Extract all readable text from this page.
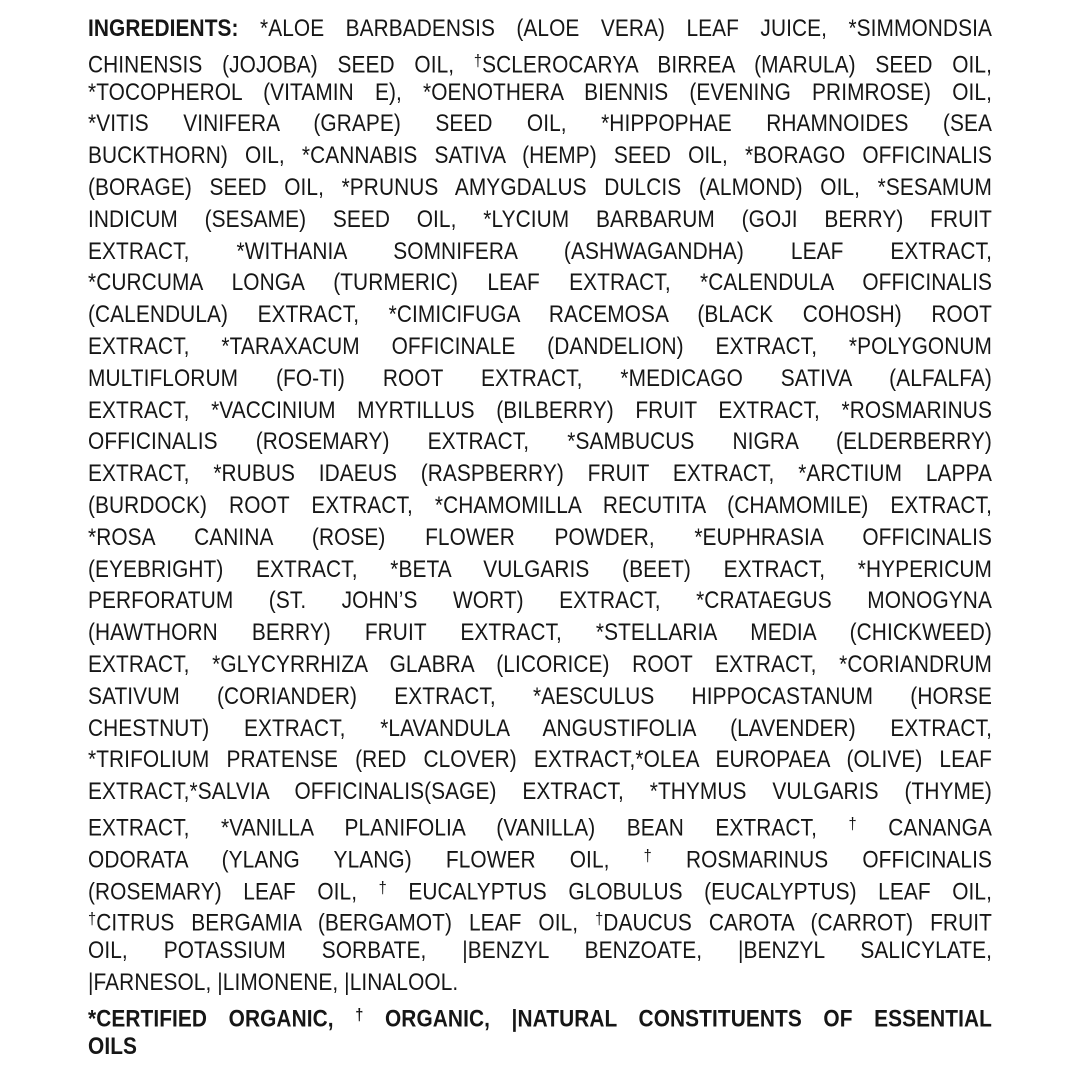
INGREDIENTS: *ALOE BARBADENSIS (ALOE VERA) LEAF JUICE, *SIMMONDSIA
CHINENSIS (JOJOBA) SEED OIL, †SCLEROCARYA BIRREA (MARULA) SEED OIL,
*TOCOPHEROL (VITAMIN E), *OENOTHERA BIENNIS (EVENING PRIMROSE) OIL,
*VITIS VINIFERA (GRAPE) SEED OIL, *HIPPOPHAE RHAMNOIDES (SEA
BUCKTHORN) OIL, *CANNABIS SATIVA (HEMP) SEED OIL, *BORAGO OFFICINALIS
(BORAGE) SEED OIL, *PRUNUS AMYGDALUS DULCIS (ALMOND) OIL, *SESAMUM
INDICUM (SESAME) SEED OIL, *LYCIUM BARBARUM (GOJI BERRY) FRUIT
EXTRACT, *WITHANIA SOMNIFERA (ASHWAGANDHA) LEAF EXTRACT,
*CURCUMA LONGA (TURMERIC) LEAF EXTRACT, *CALENDULA OFFICINALIS
(CALENDULA) EXTRACT, *CIMICIFUGA RACEMOSA (BLACK COHOSH) ROOT
EXTRACT, *TARAXACUM OFFICINALE (DANDELION) EXTRACT, *POLYGONUM
MULTIFLORUM (FO-TI) ROOT EXTRACT, *MEDICAGO SATIVA (ALFALFA)
EXTRACT, *VACCINIUM MYRTILLUS (BILBERRY) FRUIT EXTRACT, *ROSMARINUS
OFFICINALIS (ROSEMARY) EXTRACT, *SAMBUCUS NIGRA (ELDERBERRY)
EXTRACT, *RUBUS IDAEUS (RASPBERRY) FRUIT EXTRACT, *ARCTIUM LAPPA
(BURDOCK) ROOT EXTRACT, *CHAMOMILLA RECUTITA (CHAMOMILE) EXTRACT,
*ROSA CANINA (ROSE) FLOWER POWDER, *EUPHRASIA OFFICINALIS
(EYEBRIGHT) EXTRACT, *BETA VULGARIS (BEET) EXTRACT, *HYPERICUM
PERFORATUM (ST. JOHN’S WORT) EXTRACT, *CRATAEGUS MONOGYNA
(HAWTHORN BERRY) FRUIT EXTRACT, *STELLARIA MEDIA (CHICKWEED)
EXTRACT, *GLYCYRRHIZA GLABRA (LICORICE) ROOT EXTRACT, *CORIANDRUM
SATIVUM (CORIANDER) EXTRACT, *AESCULUS HIPPOCASTANUM (HORSE
CHESTNUT) EXTRACT, *LAVANDULA ANGUSTIFOLIA (LAVENDER) EXTRACT,
*TRIFOLIUM PRATENSE (RED CLOVER) EXTRACT,*OLEA EUROPAEA (OLIVE) LEAF
EXTRACT,*SALVIA OFFICINALIS(SAGE) EXTRACT, *THYMUS VULGARIS (THYME)
EXTRACT, *VANILLA PLANIFOLIA (VANILLA) BEAN EXTRACT, † CANANGA
ODORATA (YLANG YLANG) FLOWER OIL, † ROSMARINUS OFFICINALIS
(ROSEMARY) LEAF OIL, † EUCALYPTUS GLOBULUS (EUCALYPTUS) LEAF OIL,
†CITRUS BERGAMIA (BERGAMOT) LEAF OIL, †DAUCUS CAROTA (CARROT) FRUIT
OIL, POTASSIUM SORBATE, |BENZYL BENZOATE, |BENZYL SALICYLATE,
|FARNESOL, |LIMONENE, |LINALOOL.
*CERTIFIED ORGANIC, † ORGANIC, |NATURAL CONSTITUENTS OF ESSENTIAL
OILS
